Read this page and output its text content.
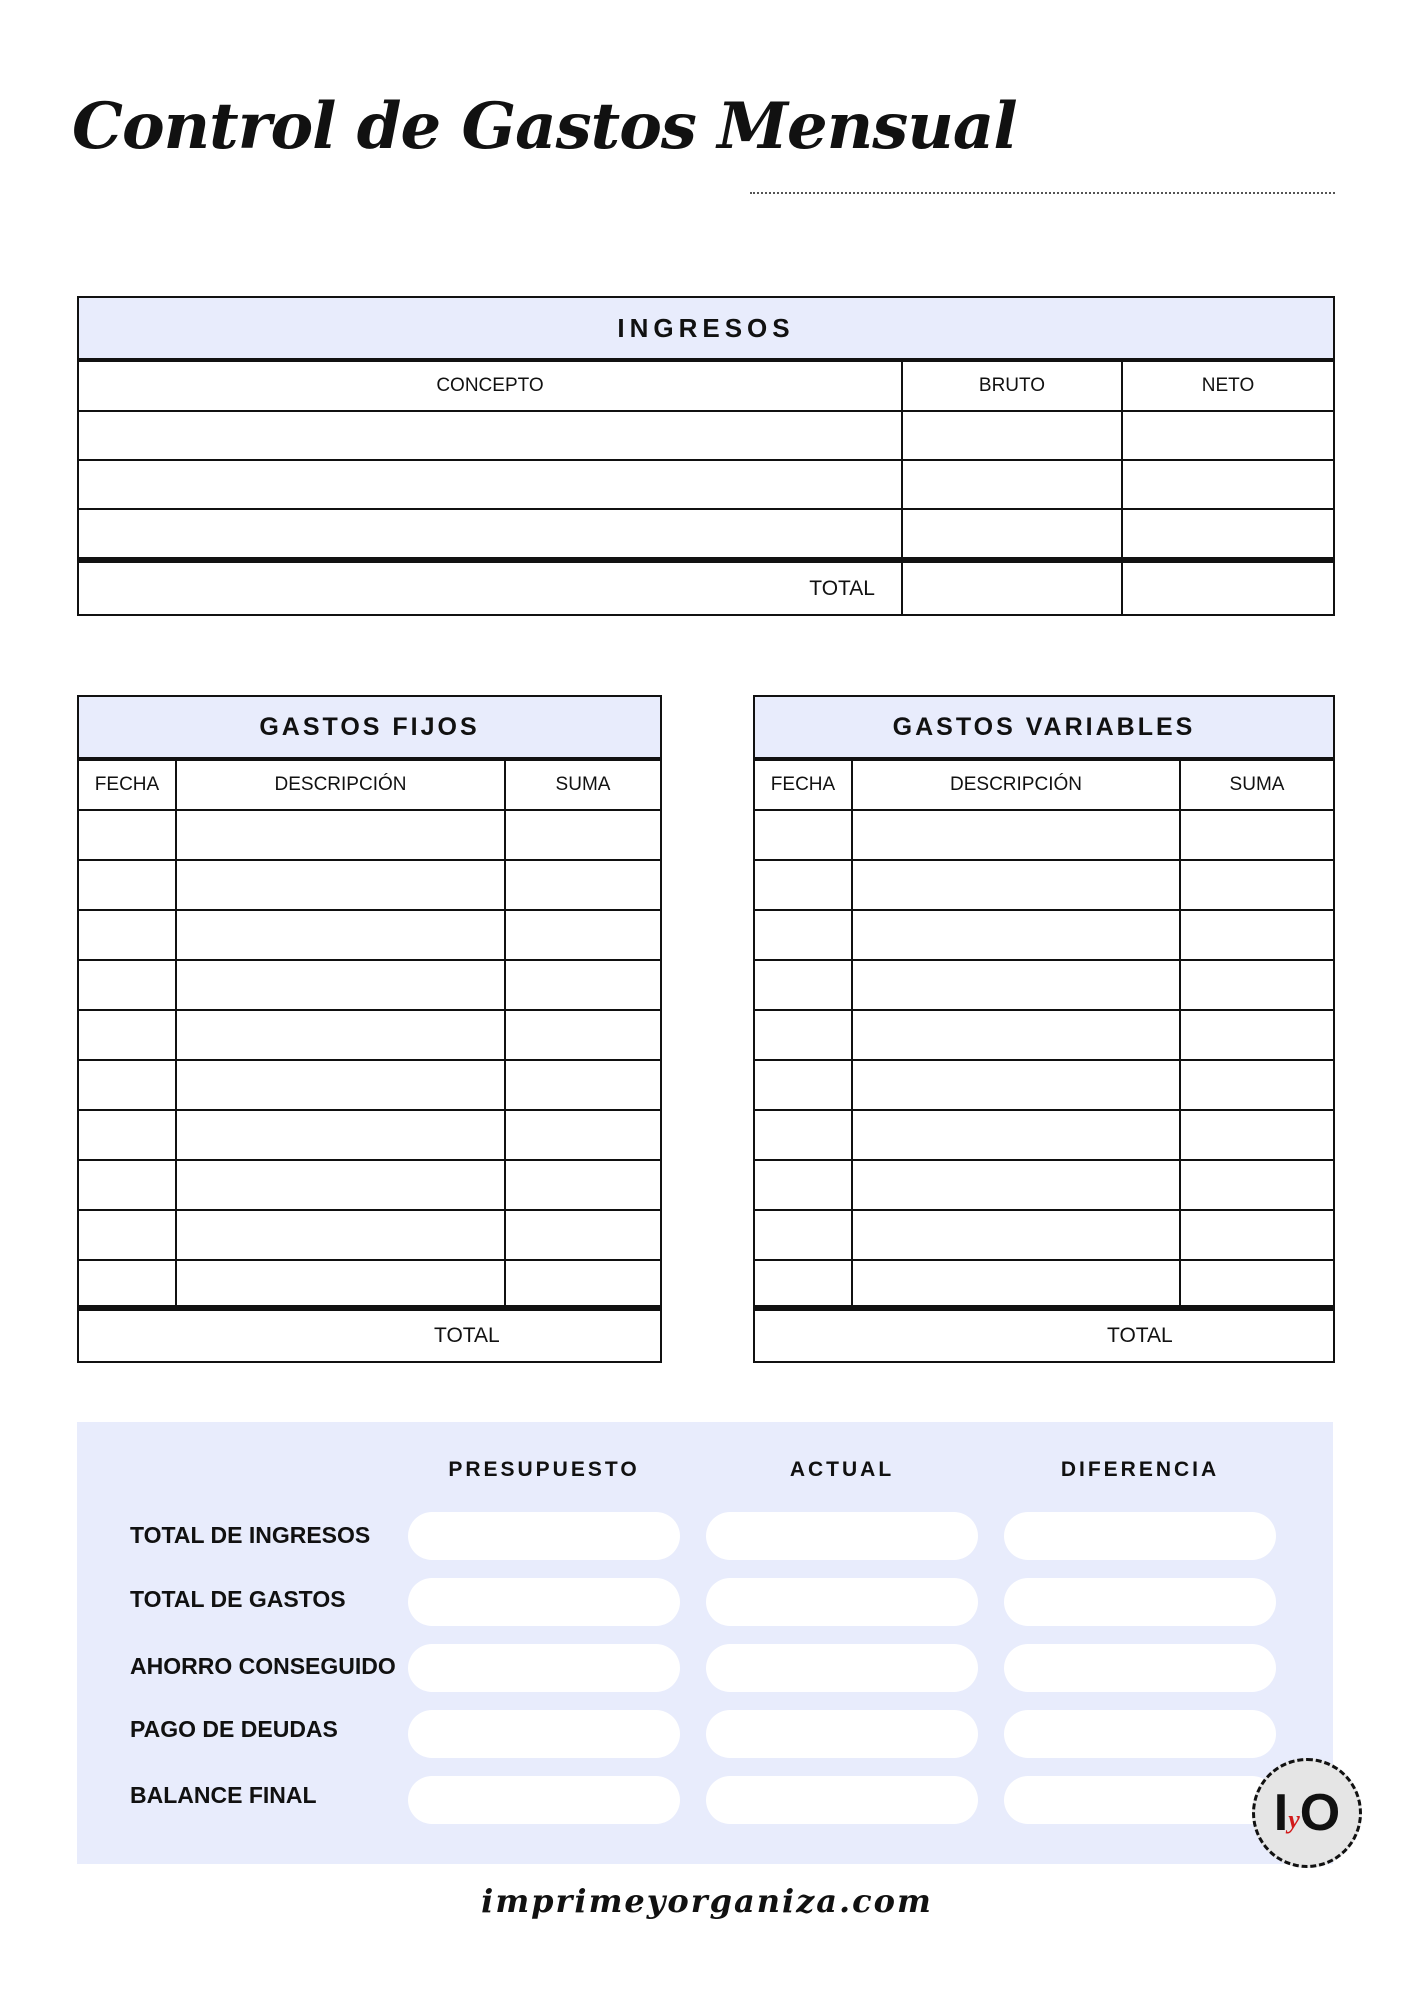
Control de Gastos Mensual
INGRESOS
CONCEPTO	BRUTO	NETO
TOTAL
GASTOS FIJOS
FECHA	DESCRIPCIÓN	SUMA
TOTAL
GASTOS VARIABLES
FECHA	DESCRIPCIÓN	SUMA
TOTAL
PRESUPUESTO	ACTUAL	DIFERENCIA
TOTAL DE INGRESOS
TOTAL DE GASTOS
AHORRO CONSEGUIDO
PAGO DE DEUDAS
BALANCE FINAL	I y O
imprimeyorganiza.com
